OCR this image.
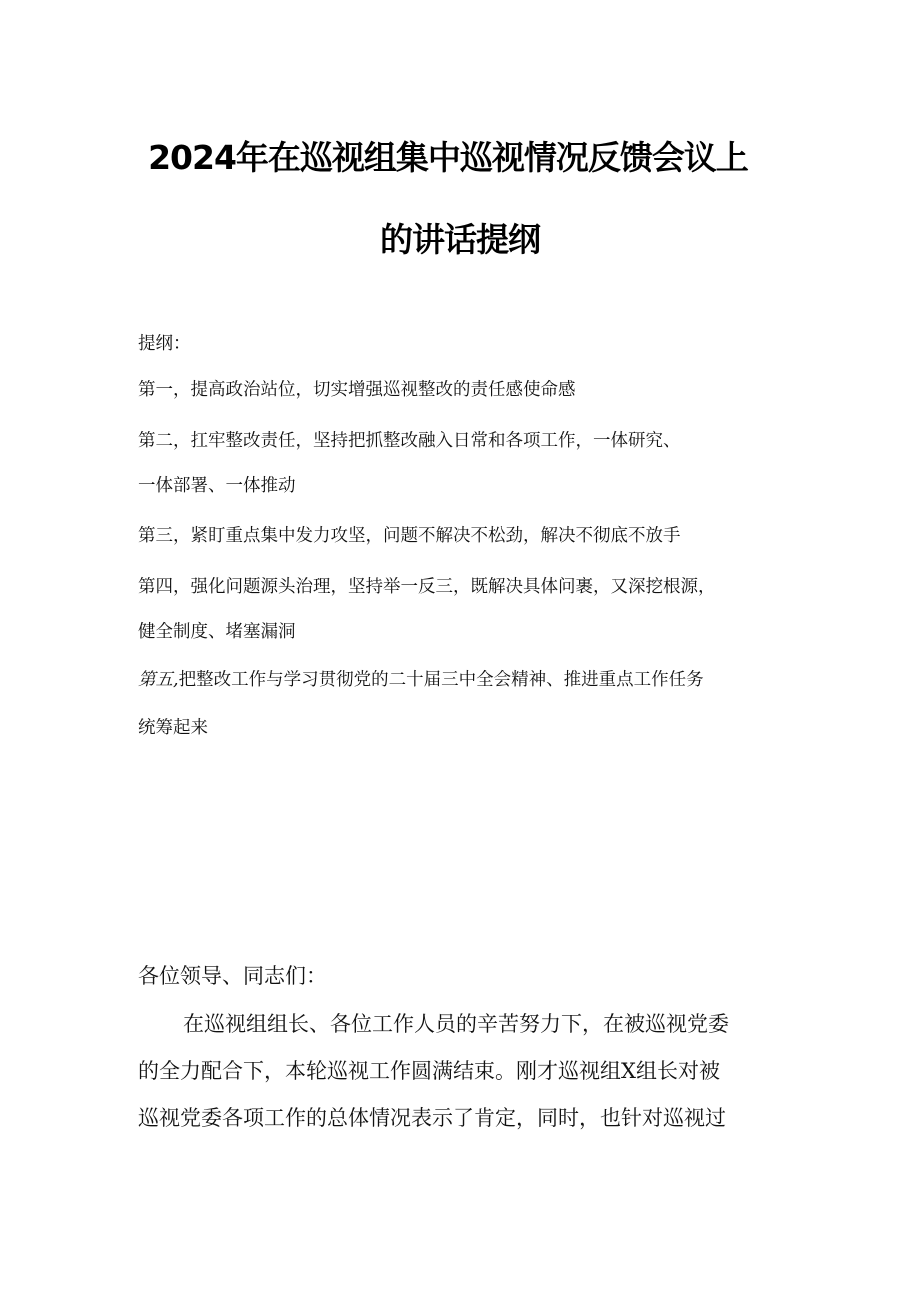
2024年在巡视组集中巡视情况反馈会议上
的讲话提纲
提纲：
第一，提高政治站位，切实增强巡视整改的责任感使命感
第二，扛牢整改责任，坚持把抓整改融入日常和各项工作，一体研究、
一体部署、一体推动
第三，紧盯重点集中发力攻坚，问题不解决不松劲，解决不彻底不放手
第四，强化问题源头治理，坚持举一反三，既解决具体问裹，又深挖根源，
健全制度、堵塞漏洞
第五,把整改工作与学习贯彻党的二十届三中全会精神、推进重点工作任务
统筹起来
各位领导、同志们：
在巡视组组长、各位工作人员的辛苦努力下，在被巡视党委
的全力配合下，本轮巡视工作圆满结束。刚才巡视组X组长对被
巡视党委各项工作的总体情况表示了肯定，同时，也针对巡视过
